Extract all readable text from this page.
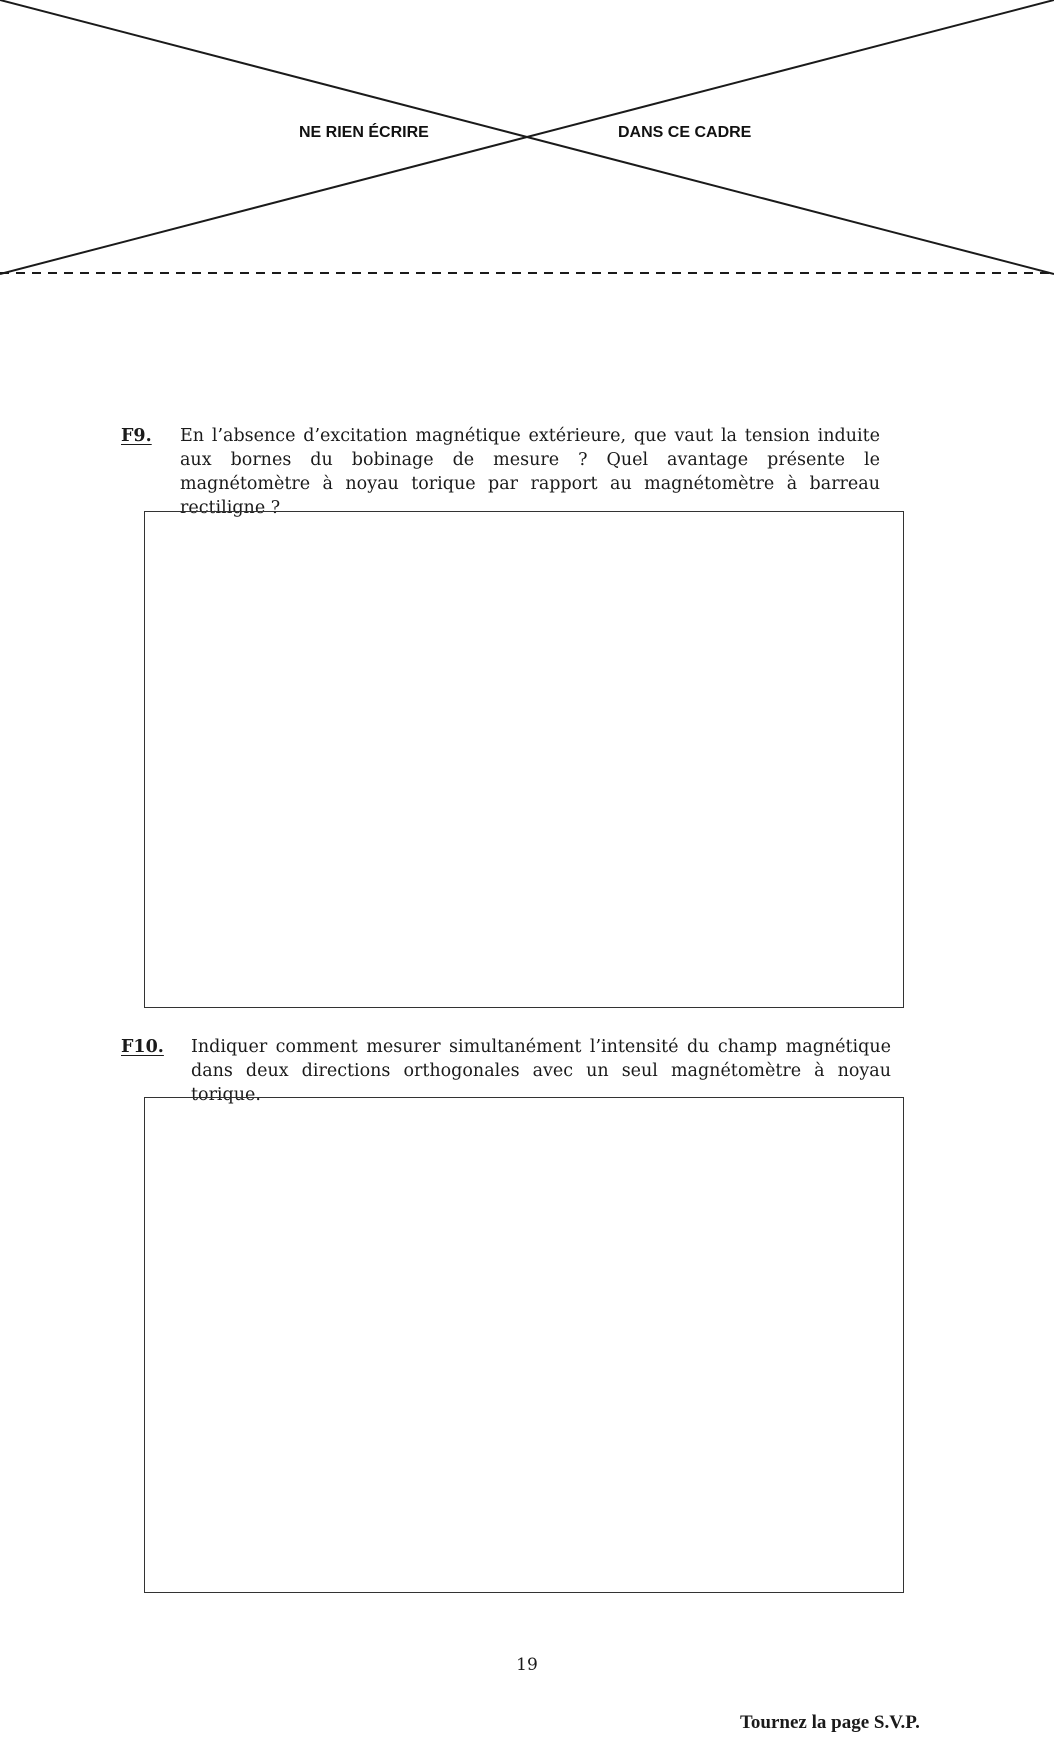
NE RIEN ÉCRIRE	DANS CE CADRE
F9. En l’absence d’excitation magnétique extérieure, que vaut la tension induite aux bornes du bobinage de mesure ? Quel avantage présente le magnétomètre à noyau torique par rapport au magnétomètre à barreau rectiligne ?

F10. Indiquer comment mesurer simultanément l’intensité du champ magnétique dans deux directions orthogonales avec un seul magnétomètre à noyau torique.

19
Tournez la page S.V.P.
